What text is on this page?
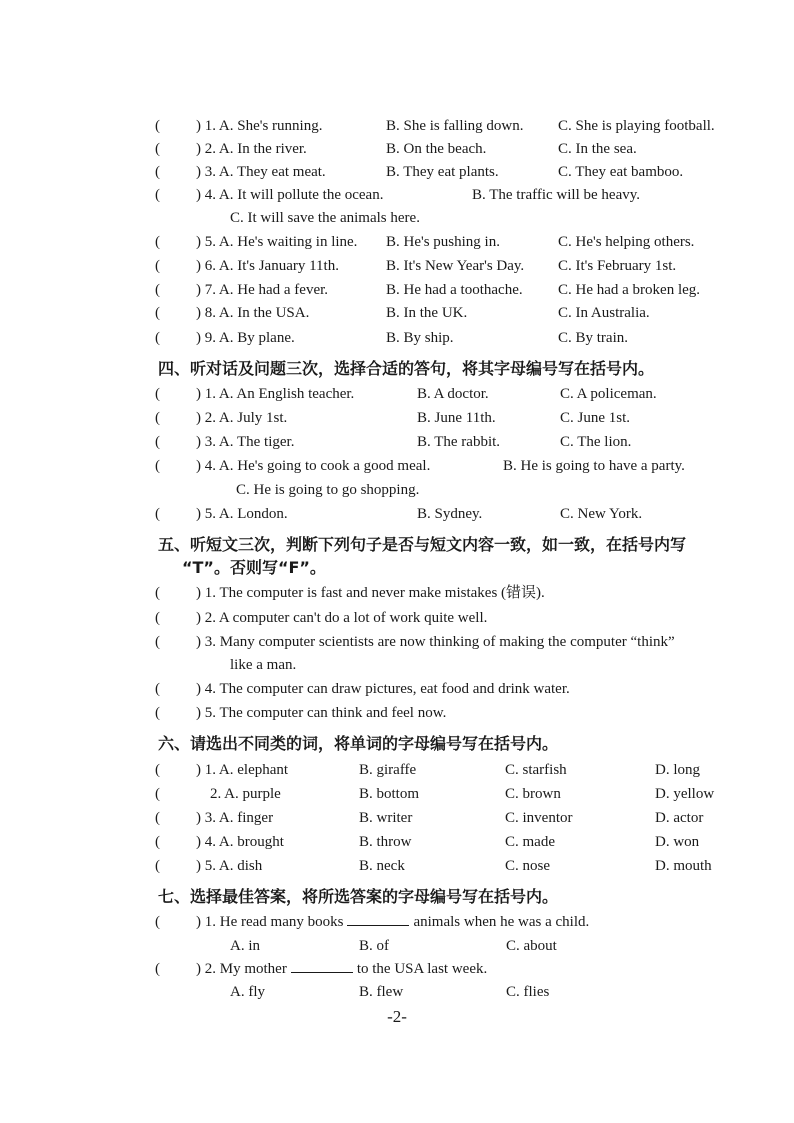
( ) 1. A. She's running.	B. She is falling down. C. She is playing football.
( ) 2. A. In the river.	B. On the beach.	C. In the sea.
( ) 3. A. They eat meat.	B. They eat plants.	C. They eat bamboo.
( ) 4. A. It will pollute the ocean.	B. The traffic will be heavy.
C. It will save the animals here.
( ) 5. A. He's waiting in line. B. He's pushing in.	C. He's helping others.
( ) 6. A. It's January 11th.	B. It's New Year's Day. C. It's February 1st.
( ) 7. A. He had a fever.	B. He had a toothache. C. He had a broken leg.
( ) 8. A. In the USA.	B. In the UK.	C. In Australia.
( ) 9. A. By plane.	B. By ship.	C. By train.
四、听对话及问题三次，选择合适的答句，将其字母编号写在括号内。
( ) 1. A. An English teacher.	B. A doctor.	C. A policeman.
( ) 2. A. July 1st.	B. June 11th.	C. June 1st.
( ) 3. A. The tiger.	B. The rabbit.	C. The lion.
( ) 4. A. He's going to cook a good meal.	B. He is going to have a party.
C. He is going to go shopping.
( ) 5. A. London.	B. Sydney.	C. New York.
五、听短文三次，判断下列句子是否与短文内容一致，如一致，在括号内写
“T”。否则写“F”。
( ) 1. The computer is fast and never make mistakes (错误).
( ) 2. A computer can't do a lot of work quite well.
( ) 3. Many computer scientists are now thinking of making the computer “think”
like a man.
( ) 4. The computer can draw pictures, eat food and drink water.
( ) 5. The computer can think and feel now.
六、请选出不同类的词，将单词的字母编号写在括号内。
( ) 1. A. elephant	B. giraffe	C. starfish	D. long
(	2. A. purple	B. bottom	C. brown	D. yellow
( ) 3. A. finger	B. writer	C. inventor	D. actor
( ) 4. A. brought	B. throw	C. made	D. won
( ) 5. A. dish	B. neck	C. nose	D. mouth
七、选择最佳答案，将所选答案的字母编号写在括号内。
( ) 1. He read many books	animals when he was a child.
A. in	B. of	C. about
( ) 2. My mother	to the USA last week.
A. fly	B. flew	C. flies
-2-
